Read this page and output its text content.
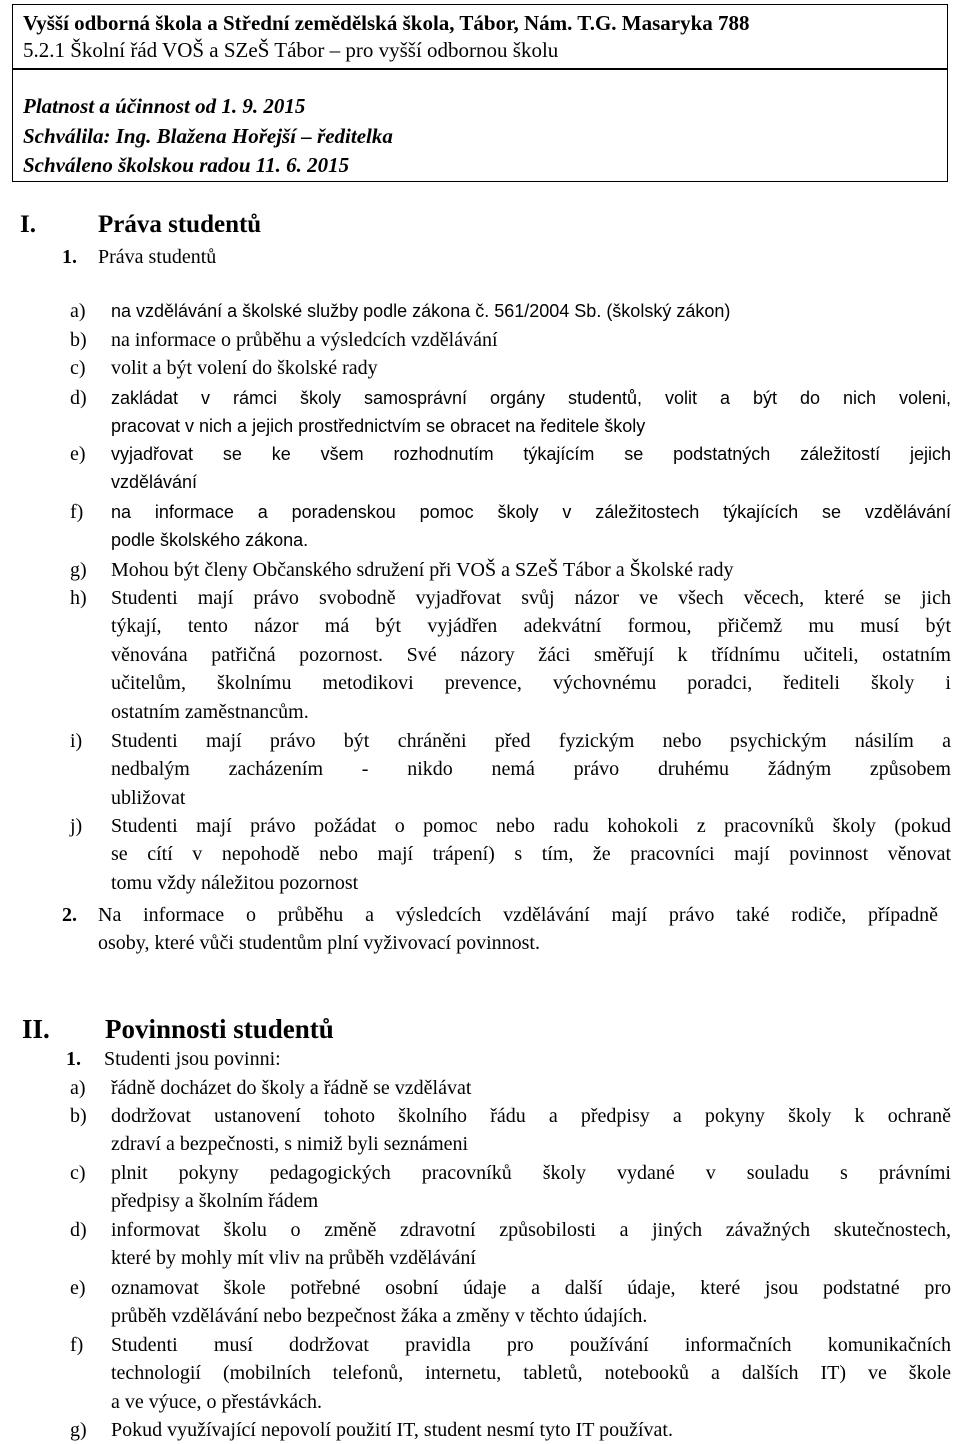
Vyšší odborná škola a Střední zemědělská škola, Tábor, Nám. T.G. Masaryka 788
5.2.1 Školní řád VOŠ a SZeŠ Tábor – pro vyšší odbornou školu
Platnost a účinnost od 1. 9. 2015
Schválila: Ing. Blažena Hořejší – ředitelka
Schváleno školskou radou 11. 6. 2015
I. Práva studentů
1. Práva studentů
a) na vzdělávání a školské služby podle zákona č. 561/2004 Sb. (školský zákon)
b) na informace o průběhu a výsledcích vzdělávání
c) volit a být volení do školské rady
d) zakládat v rámci školy samosprávní orgány studentů, volit a být do nich voleni,
pracovat v nich a jejich prostřednictvím se obracet na ředitele školy
e) vyjadřovat se ke všem rozhodnutím týkajícím se podstatných záležitostí jejich
vzdělávání
f) na informace a poradenskou pomoc školy v záležitostech týkajících se vzdělávání
podle školského zákona.
g) Mohou být členy Občanského sdružení při VOŠ a SZeŠ Tábor a Školské rady
h) Studenti mají právo svobodně vyjadřovat svůj názor ve všech věcech, které se jich
týkají, tento názor má být vyjádřen adekvátní formou, přičemž mu musí být
věnována patřičná pozornost. Své názory žáci směřují k třídnímu učiteli, ostatním
učitelům, školnímu metodikovi prevence, výchovnému poradci, řediteli školy i
ostatním zaměstnancům.
i) Studenti mají právo být chráněni před fyzickým nebo psychickým násilím a
nedbalým zacházením - nikdo nemá právo druhému žádným způsobem
ubližovat
j) Studenti mají právo požádat o pomoc nebo radu kohokoli z pracovníků školy (pokud
se cítí v nepohodě nebo mají trápení) s tím, že pracovníci mají povinnost věnovat
tomu vždy náležitou pozornost
2. Na informace o průběhu a výsledcích vzdělávání mají právo také rodiče, případně
osoby, které vůči studentům plní vyživovací povinnost.
II. Povinnosti studentů
1. Studenti jsou povinni:
a) řádně docházet do školy a řádně se vzdělávat
b) dodržovat ustanovení tohoto školního řádu a předpisy a pokyny školy k ochraně
zdraví a bezpečnosti, s nimiž byli seznámeni
c) plnit pokyny pedagogických pracovníků školy vydané v souladu s právními
předpisy a školním řádem
d) informovat školu o změně zdravotní způsobilosti a jiných závažných skutečnostech,
které by mohly mít vliv na průběh vzdělávání
e) oznamovat škole potřebné osobní údaje a další údaje, které jsou podstatné pro
průběh vzdělávání nebo bezpečnost žáka a změny v těchto údajích.
f) Studenti musí dodržovat pravidla pro používání informačních komunikačních
technologií (mobilních telefonů, internetu, tabletů, notebooků a dalších IT) ve škole
a ve výuce, o přestávkách.
g) Pokud využívající nepovolí použití IT, student nesmí tyto IT používat.
